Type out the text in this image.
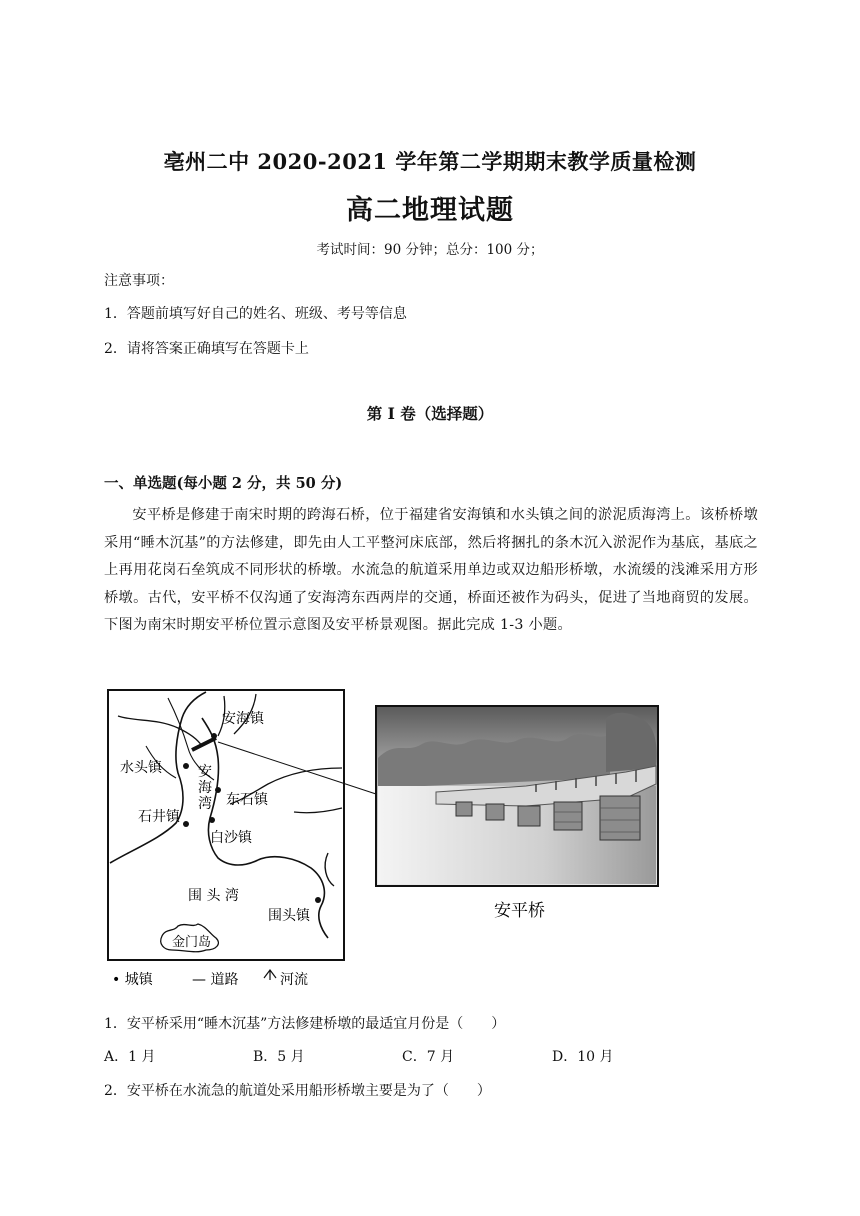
亳州二中 2020-2021 学年第二学期期末教学质量检测
高二地理试题
考试时间：90 分钟；总分：100 分；
注意事项：
1．答题前填写好自己的姓名、班级、考号等信息
2．请将答案正确填写在答题卡上
第 I 卷（选择题）
一、单选题(每小题 2 分，共 50 分)
安平桥是修建于南宋时期的跨海石桥，位于福建省安海镇和水头镇之间的淤泥质海湾上。该桥桥墩采用“睡木沉基”的方法修建，即先由人工平整河床底部，然后将捆扎的条木沉入淤泥作为基底，基底之上再用花岗石垒筑成不同形状的桥墩。水流急的航道采用单边或双边船形桥墩，水流缓的浅滩采用方形桥墩。古代，安平桥不仅沟通了安海湾东西两岸的交通，桥面还被作为码头，促进了当地商贸的发展。下图为南宋时期安平桥位置示意图及安平桥景观图。据此完成 1-3 小题。
安海镇
水头镇	安
海
湾 东石镇
石井镇
白沙镇
围 头 湾
围头镇
金门岛
• 城镇	— 道路	河流
安平桥
1．安平桥采用“睡木沉基”方法修建桥墩的最适宜月份是（　　）
A．1 月	B．5 月	C．7 月	D．10 月
2．安平桥在水流急的航道处采用船形桥墩主要是为了（　　）
